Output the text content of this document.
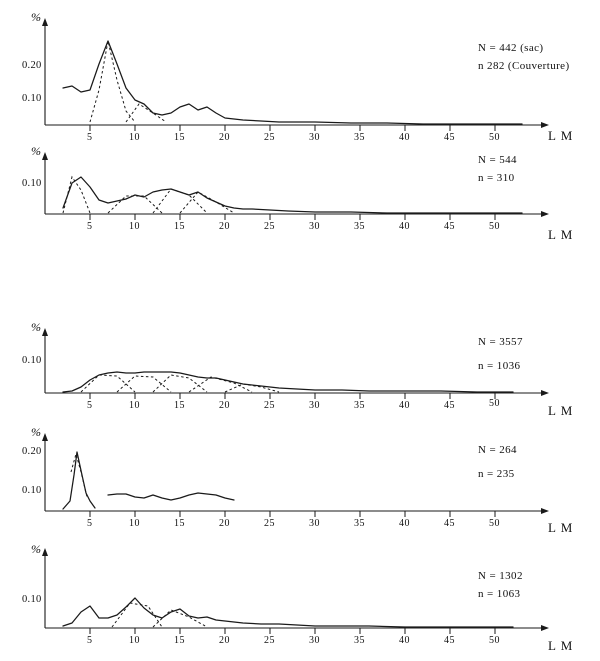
%
0.20
0.10
5	10	15	20	25	30	35	40	45	50	L M
N = 442 (sac)
n 282 (Couverture)
%
0.10
5	10	15	20	25	30	35	40	45	50
L M
N = 544
n = 310
%
0.10
5	10	15	20	25	30	35	40	45	50	L M
N = 3557
n = 1036
%
0.20
0.10
5	10	15	20	25	30	35	40	45	50	L M
N = 264
n = 235
%
0.10
5	10	15	20	25	30	35	40	45	50	L M
N = 1302
n = 1063
